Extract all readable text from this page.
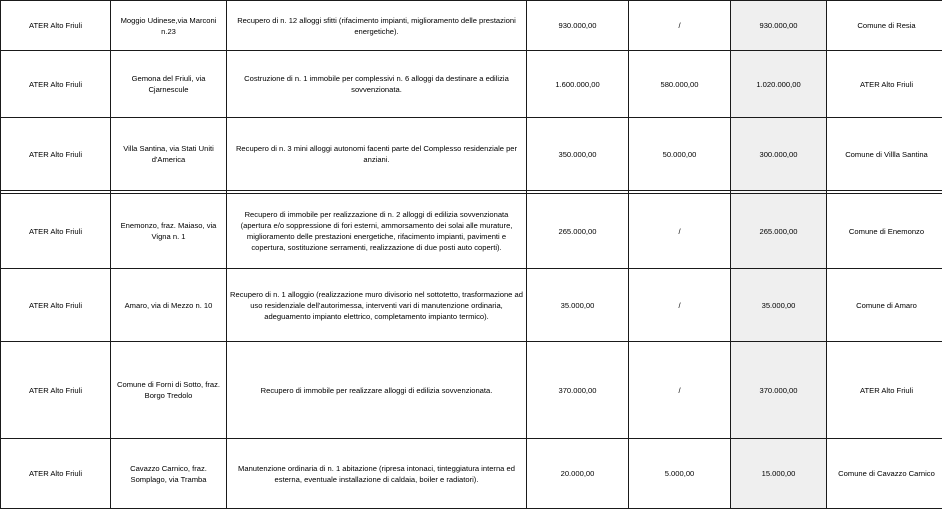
ATER Alto Friuli	Moggio Udinese,via Marconi n.23	Recupero di n. 12 alloggi sfitti (rifacimento impianti, miglioramento delle prestazioni energetiche).	930.000,00	/	930.000,00	Comune di Resia
ATER Alto Friuli	Gemona del Friuli, via Cjarnescule	Costruzione di n. 1 immobile per complessivi n. 6 alloggi da destinare a edilizia sovvenzionata.	1.600.000,00	580.000,00	1.020.000,00	ATER Alto Friuli
ATER Alto Friuli	Villa Santina, via Stati Uniti d'America	Recupero di n. 3 mini alloggi autonomi facenti parte del Complesso residenziale per anziani.	350.000,00	50.000,00	300.000,00	Comune di Villla Santina

ATER Alto Friuli	Enemonzo, fraz. Maiaso, via Vigna n. 1	Recupero di immobile per realizzazione di n. 2 alloggi di edilizia sovvenzionata (apertura e/o soppressione di fori esterni, ammorsamento dei solai alle murature, miglioramento delle prestazioni energetiche, rifacimento impianti, pavimenti e copertura, sostituzione serramenti, realizzazione di due posti auto coperti).	265.000,00	/	265.000,00	Comune di Enemonzo
ATER Alto Friuli	Amaro, via di Mezzo n. 10	Recupero di n. 1 alloggio (realizzazione muro divisorio nel sottotetto, trasformazione ad uso residenziale dell'autorimessa, interventi vari di manutenzione ordinaria, adeguamento impianto elettrico, completamento impianto termico).	35.000,00	/	35.000,00	Comune di Amaro
ATER Alto Friuli	Comune di Forni di Sotto, fraz. Borgo Tredolo	Recupero di immobile per realizzare alloggi di edilizia sovvenzionata.	370.000,00	/	370.000,00	ATER Alto Friuli
ATER Alto Friuli	Cavazzo Carnico, fraz. Somplago, via Tramba	Manutenzione ordinaria di n. 1 abitazione (ripresa intonaci, tinteggiatura interna ed esterna, eventuale installazione di caldaia, boiler e radiatori).	20.000,00	5.000,00	15.000,00	Comune di Cavazzo Carnico
